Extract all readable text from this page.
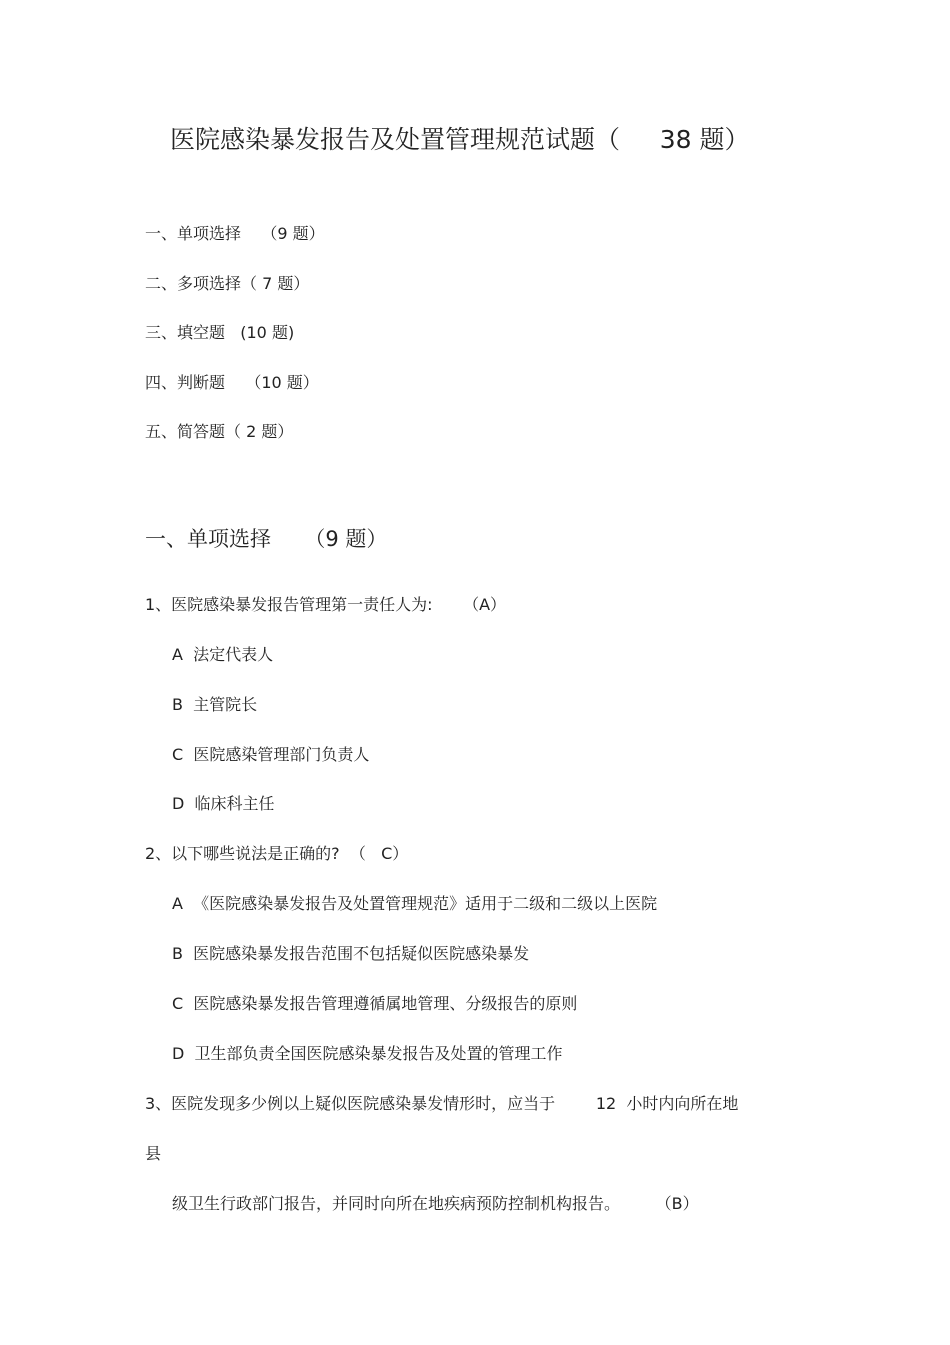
医院感染暴发报告及处置管理规范试题（     38 题）
一、单项选择    （9 题）
二、多项选择（ 7 题）
三、填空题   (10 题)
四、判断题    （10 题）
五、简答题（ 2 题）
一、单项选择     （9 题）
1、医院感染暴发报告管理第一责任人为:      （A）
A  法定代表人
B  主管院长
C  医院感染管理部门负责人
D  临床科主任
2、以下哪些说法是正确的?  （   C）
A  《医院感染暴发报告及处置管理规范》适用于二级和二级以上医院
B  医院感染暴发报告范围不包括疑似医院感染暴发
C  医院感染暴发报告管理遵循属地管理、分级报告的原则
D  卫生部负责全国医院感染暴发报告及处置的管理工作
3、医院发现多少例以上疑似医院感染暴发情形时，应当于        12  小时内向所在地
县
级卫生行政部门报告，并同时向所在地疾病预防控制机构报告。       （B）
